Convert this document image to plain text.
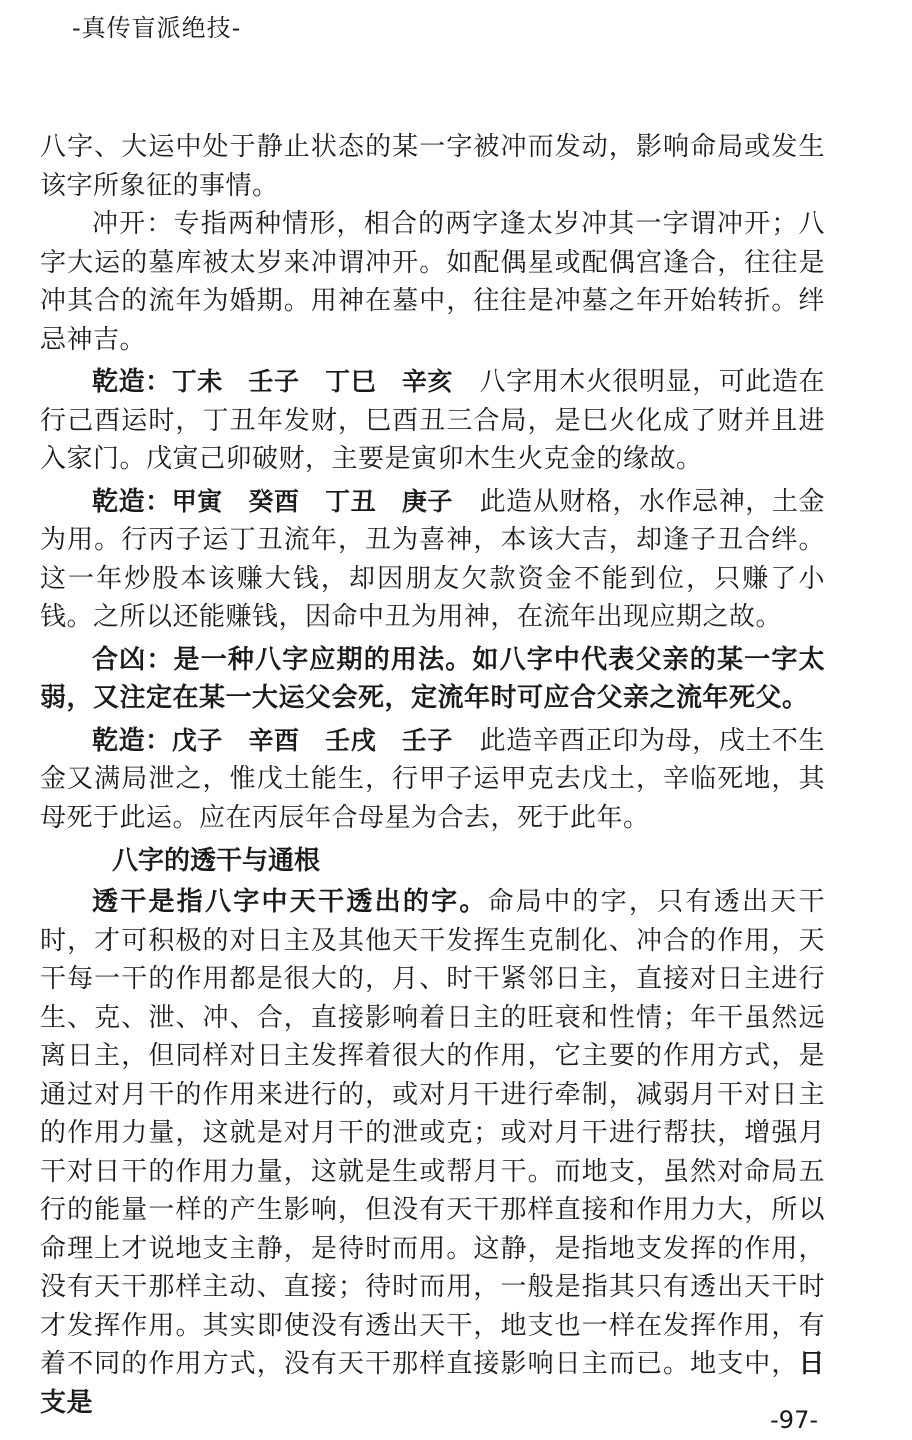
-真传盲派绝技-

八字、大运中处于静止状态的某一字被冲而发动，影响命局或发生该字所象征的事情。

冲开：专指两种情形，相合的两字逢太岁冲其一字谓冲开；八字大运的墓库被太岁来冲谓冲开。如配偶星或配偶宫逢合，往往是冲其合的流年为婚期。用神在墓中，往往是冲墓之年开始转折。绊忌神吉。

乾造：丁未　壬子　丁巳　辛亥　 八字用木火很明显，可此造在行己酉运时，丁丑年发财，巳酉丑三合局，是巳火化成了财并且进入家门。戊寅己卯破财，主要是寅卯木生火克金的缘故。

乾造：甲寅　癸酉　丁丑　庚子　 此造从财格，水作忌神，土金为用。行丙子运丁丑流年，丑为喜神，本该大吉，却逢子丑合绊。这一年炒股本该赚大钱，却因朋友欠款资金不能到位，只赚了小钱。之所以还能赚钱，因命中丑为用神，在流年出现应期之故。

合凶：是一种八字应期的用法。如八字中代表父亲的某一字太弱，又注定在某一大运父会死，定流年时可应合父亲之流年死父。

乾造：戊子　辛酉　壬戌　壬子　 此造辛酉正印为母，戌土不生金又满局泄之，惟戊土能生，行甲子运甲克去戊土，辛临死地，其母死于此运。应在丙辰年合母星为合去，死于此年。

八字的透干与通根

透干是指八字中天干透出的字。命局中的字，只有透出天干时，才可积极的对日主及其他天干发挥生克制化、冲合的作用，天干每一干的作用都是很大的，月、时干紧邻日主，直接对日主进行生、克、泄、冲、合，直接影响着日主的旺衰和性情；年干虽然远离日主，但同样对日主发挥着很大的作用，它主要的作用方式，是通过对月干的作用来进行的，或对月干进行牵制，减弱月干对日主的作用力量，这就是对月干的泄或克；或对月干进行帮扶，增强月干对日干的作用力量，这就是生或帮月干。而地支，虽然对命局五行的能量一样的产生影响，但没有天干那样直接和作用力大，所以命理上才说地支主静，是待时而用。这静，是指地支发挥的作用，没有天干那样主动、直接；待时而用，一般是指其只有透出天干时才发挥作用。其实即使没有透出天干，地支也一样在发挥作用，有着不同的作用方式，没有天干那样直接影响日主而已。地支中，日支是

-97-
